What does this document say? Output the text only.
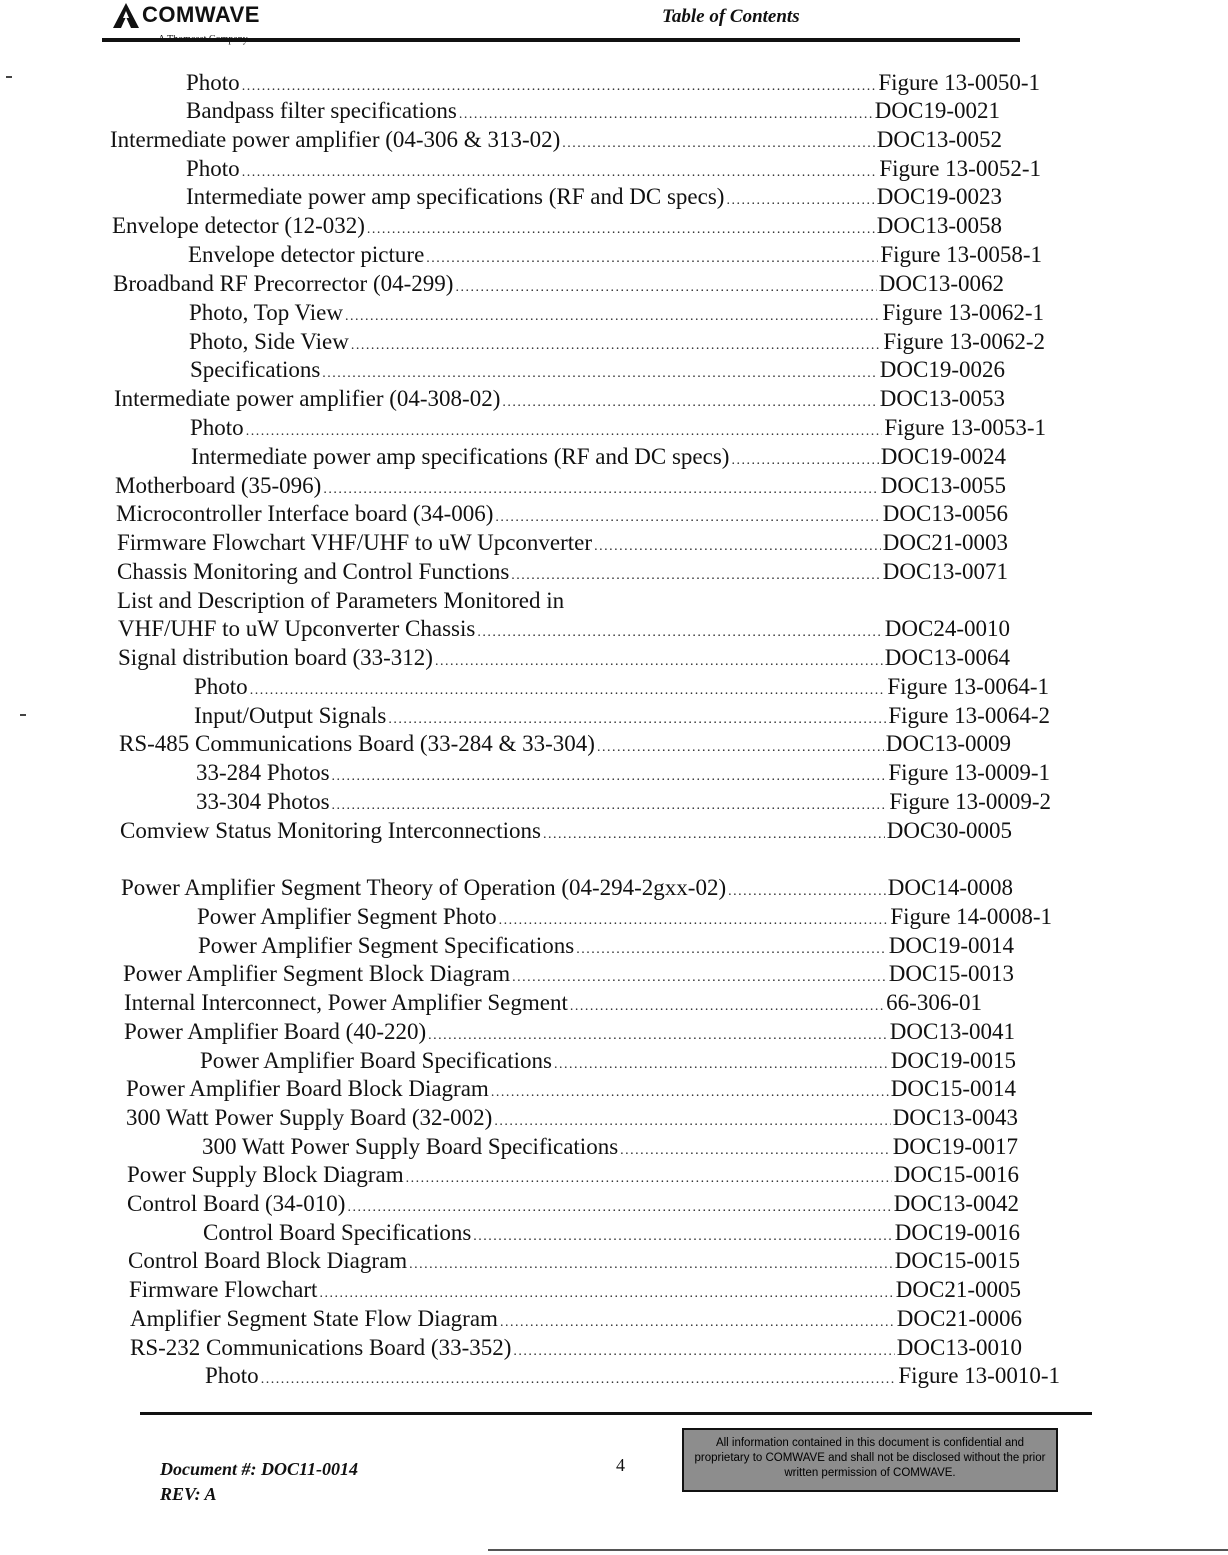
COMWAVE	Table of Contents
Photo .....	Figure 13-0050-1
Bandpass filter specifications .....	DOC19-0021
Intermediate power amplifier (04-306 & 313-02) .....	DOC13-0052
Photo .....	Figure 13-0052-1
Intermediate power amp specifications (RF and DC specs) .....	DOC19-0023
Envelope detector (12-032) .....	DOC13-0058
Envelope detector picture .....	Figure 13-0058-1
Broadband RF Precorrector (04-299) .....	DOC13-0062
Photo, Top View .....	Figure 13-0062-1
Photo, Side View .....	Figure 13-0062-2
Specifications .....	DOC19-0026
Intermediate power amplifier (04-308-02) .....	DOC13-0053
Photo .....	Figure 13-0053-1
Intermediate power amp specifications (RF and DC specs) .....	DOC19-0024
Motherboard (35-096) .....	DOC13-0055
Microcontroller Interface board (34-006) .....	DOC13-0056
Firmware Flowchart VHF/UHF to uW Upconverter .....	DOC21-0003
Chassis Monitoring and Control Functions .....	DOC13-0071
List and Description of Parameters Monitored in
VHF/UHF to uW Upconverter Chassis .....	DOC24-0010
Signal distribution board (33-312) .....	DOC13-0064
Photo .....	Figure 13-0064-1
Input/Output Signals .....	Figure 13-0064-2
RS-485 Communications Board (33-284 & 33-304) .....	DOC13-0009
33-284 Photos .....	Figure 13-0009-1
33-304 Photos .....	Figure 13-0009-2
Comview Status Monitoring Interconnections .....	DOC30-0005
Power Amplifier Segment Theory of Operation (04-294-2gxx-02) .....	DOC14-0008
Power Amplifier Segment Photo .....	Figure 14-0008-1
Power Amplifier Segment Specifications .....	DOC19-0014
Power Amplifier Segment Block Diagram .....	DOC15-0013
Internal Interconnect, Power Amplifier Segment .....	66-306-01
Power Amplifier Board (40-220) .....	DOC13-0041
Power Amplifier Board Specifications .....	DOC19-0015
Power Amplifier Board Block Diagram .....	DOC15-0014
300 Watt Power Supply Board (32-002) .....	DOC13-0043
300 Watt Power Supply Board Specifications .....	DOC19-0017
Power Supply Block Diagram .....	DOC15-0016
Control Board (34-010) .....	DOC13-0042
Control Board Specifications .....	DOC19-0016
Control Board Block Diagram .....	DOC15-0015
Firmware Flowchart .....	DOC21-0005
Amplifier Segment State Flow Diagram .....	DOC21-0006
RS-232 Communications Board (33-352) .....	DOC13-0010
Photo .....	Figure 13-0010-1
Document #: DOC11-0014
REV: A
4
All information contained in this document is confidential and proprietary to COMWAVE and shall not be disclosed without the prior written permission of COMWAVE.
